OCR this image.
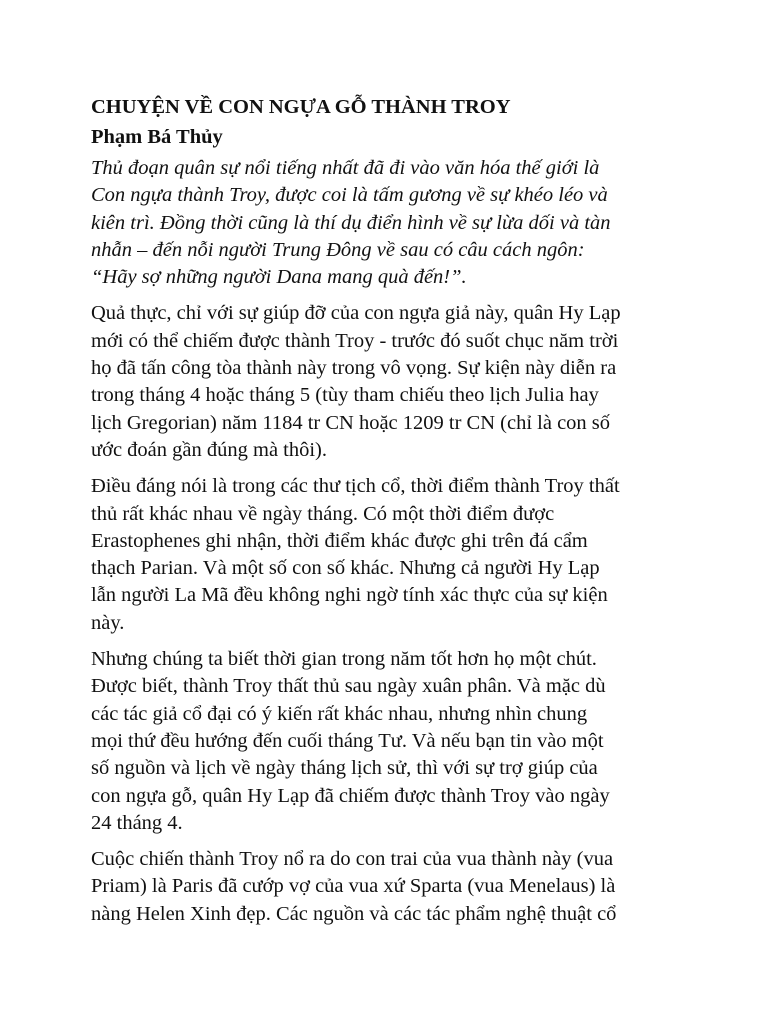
CHUYỆN VỀ CON NGỰA GỖ THÀNH TROY
Phạm Bá Thủy
Thủ đoạn quân sự nổi tiếng nhất đã đi vào văn hóa thế giới là
Con ngựa thành Troy, được coi là tấm gương về sự khéo léo và
kiên trì. Đồng thời cũng là thí dụ điển hình về sự lừa dối và tàn
nhẫn – đến nỗi người Trung Đông về sau có câu cách ngôn:
“Hãy sợ những người Dana mang quà đến!”.
Quả thực, chỉ với sự giúp đỡ của con ngựa giả này, quân Hy Lạp
mới có thể chiếm được thành Troy - trước đó suốt chục năm trời
họ đã tấn công tòa thành này trong vô vọng. Sự kiện này diễn ra
trong tháng 4 hoặc tháng 5 (tùy tham chiếu theo lịch Julia hay
lịch Gregorian) năm 1184 tr CN hoặc 1209 tr CN (chỉ là con số
ước đoán gần đúng mà thôi).
Điều đáng nói là trong các thư tịch cổ, thời điểm thành Troy thất
thủ rất khác nhau về ngày tháng. Có một thời điểm được
Erastophenes ghi nhận, thời điểm khác được ghi trên đá cẩm
thạch Parian. Và một số con số khác. Nhưng cả người Hy Lạp
lẫn người La Mã đều không nghi ngờ tính xác thực của sự kiện
này.
Nhưng chúng ta biết thời gian trong năm tốt hơn họ một chút.
Được biết, thành Troy thất thủ sau ngày xuân phân. Và mặc dù
các tác giả cổ đại có ý kiến rất khác nhau, nhưng nhìn chung
mọi thứ đều hướng đến cuối tháng Tư. Và nếu bạn tin vào một
số nguồn và lịch về ngày tháng lịch sử, thì với sự trợ giúp của
con ngựa gỗ, quân Hy Lạp đã chiếm được thành Troy vào ngày
24 tháng 4.
Cuộc chiến thành Troy nổ ra do con trai của vua thành này (vua
Priam) là Paris đã cướp vợ của vua xứ Sparta (vua Menelaus) là
nàng Helen Xinh đẹp. Các nguồn và các tác phẩm nghệ thuật cổ
